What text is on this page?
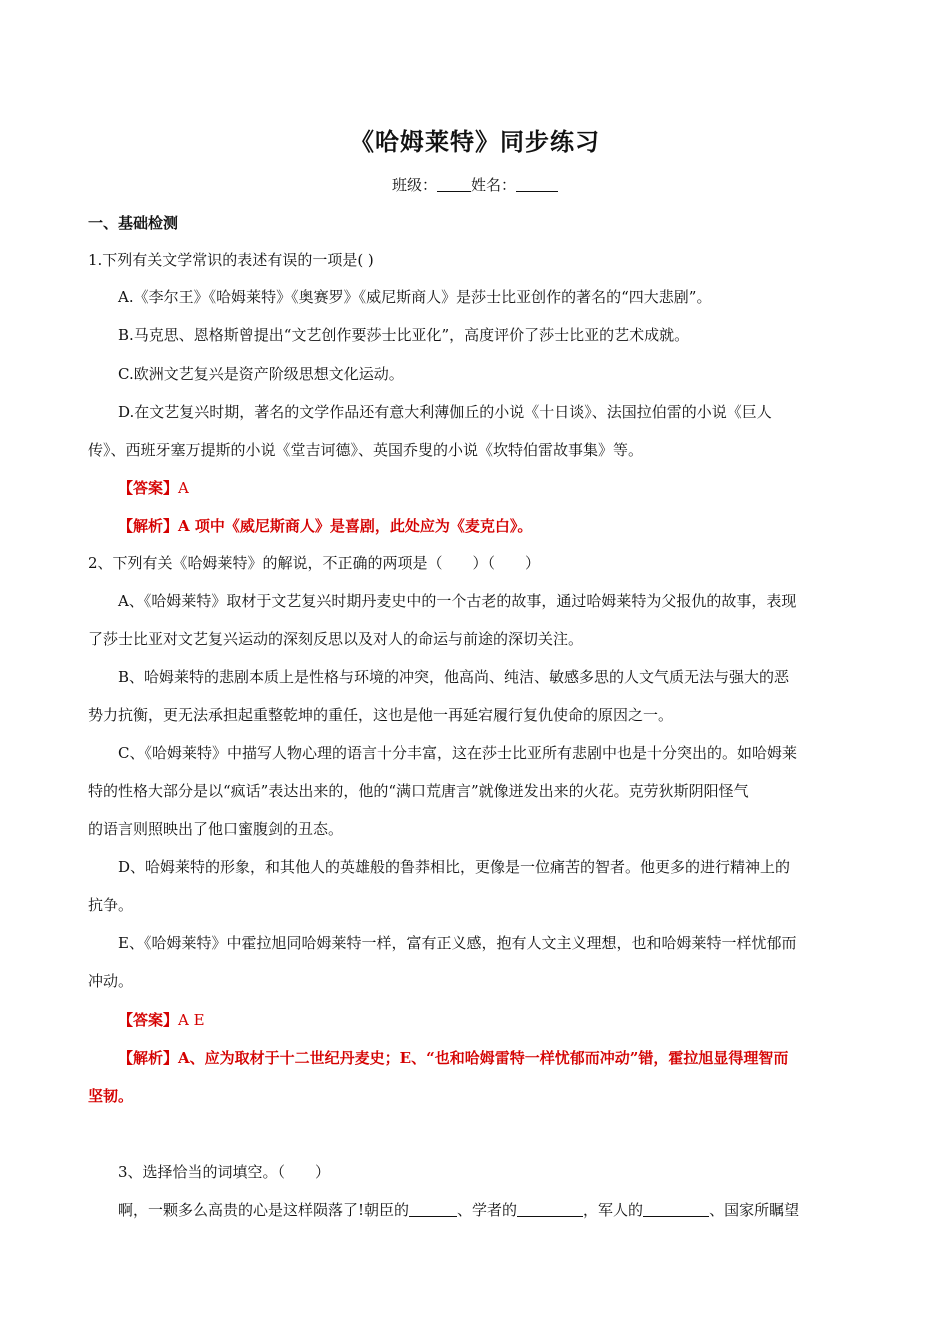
《哈姆莱特》同步练习
班级： 姓名：
一、基础检测
1.下列有关文学常识的表述有误的一项是( )
A.《李尔王》《哈姆莱特》《奥赛罗》《威尼斯商人》是莎士比亚创作的著名的“四大悲剧”。
B.马克思、恩格斯曾提出“文艺创作要莎士比亚化”，高度评价了莎士比亚的艺术成就。
C.欧洲文艺复兴是资产阶级思想文化运动。
D.在文艺复兴时期，著名的文学作品还有意大利薄伽丘的小说《十日谈》、法国拉伯雷的小说《巨人
传》、西班牙塞万提斯的小说《堂吉诃德》、英国乔叟的小说《坎特伯雷故事集》等。
【答案】A
【解析】A 项中《威尼斯商人》是喜剧，此处应为《麦克白》。
2、下列有关《哈姆莱特》的解说，不正确的两项是（　　）（　　）
A、《哈姆莱特》取材于文艺复兴时期丹麦史中的一个古老的故事，通过哈姆莱特为父报仇的故事，表现
了莎士比亚对文艺复兴运动的深刻反思以及对人的命运与前途的深切关注。
B、哈姆莱特的悲剧本质上是性格与环境的冲突，他高尚、纯洁、敏感多思的人文气质无法与强大的恶
势力抗衡，更无法承担起重整乾坤的重任，这也是他一再延宕履行复仇使命的原因之一。
C、《哈姆莱特》中描写人物心理的语言十分丰富，这在莎士比亚所有悲剧中也是十分突出的。如哈姆莱
特的性格大部分是以“疯话”表达出来的，他的“满口荒唐言”就像迸发出来的火花。克劳狄斯阴阳怪气
的语言则照映出了他口蜜腹剑的丑态。
D、哈姆莱特的形象，和其他人的英雄般的鲁莽相比，更像是一位痛苦的智者。他更多的进行精神上的
抗争。
E、《哈姆莱特》中霍拉旭同哈姆莱特一样，富有正义感，抱有人文主义理想，也和哈姆莱特一样忧郁而
冲动。
【答案】A E
【解析】A、应为取材于十二世纪丹麦史；E、“也和哈姆雷特一样忧郁而冲动”错，霍拉旭显得理智而
坚韧。
3、选择恰当的词填空。（　　）
啊，一颗多么高贵的心是这样陨落了!朝臣的	、学者的	，军人的	、国家所瞩望
